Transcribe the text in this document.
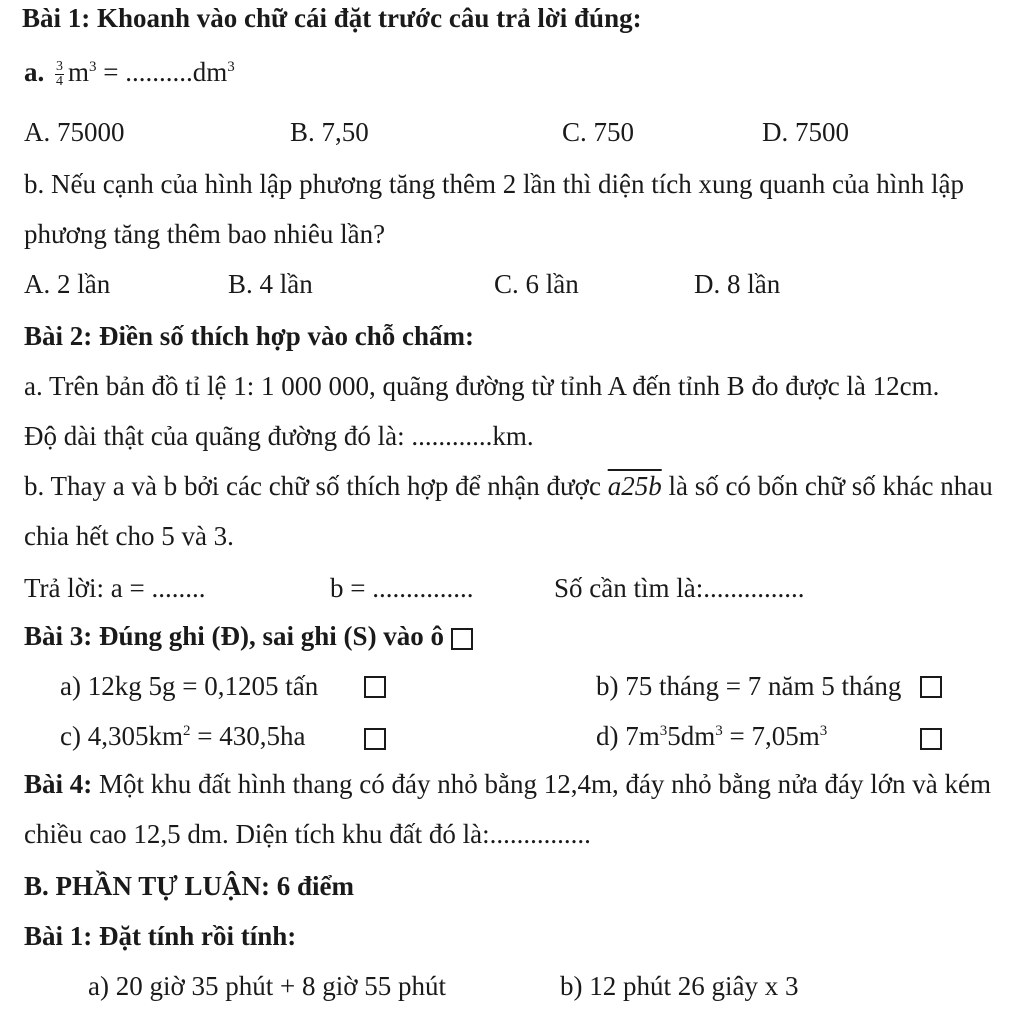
Bài 1: Khoanh vào chữ cái đặt trước câu trả lời đúng:
a. $\frac{3}{4} m^3 = ..........dm^3$
A. 75000	B. 7,50	C. 750	D. 7500
b. Nếu cạnh của hình lập phương tăng thêm 2 lần thì diện tích xung quanh của hình lập
phương tăng thêm bao nhiêu lần?
A. 2 lần	B. 4 lần	C. 6 lần	D. 8 lần
Bài 2: Điền số thích hợp vào chỗ chấm:
a. Trên bản đồ tỉ lệ 1: 1 000 000, quãng đường từ tỉnh A đến tỉnh B đo được là 12cm.
Độ dài thật của quãng đường đó là: ............km.
b. Thay a và b bởi các chữ số thích hợp để nhận được a25b là số có bốn chữ số khác nhau
chia hết cho 5 và 3.
Trả lời: a = ........	b = ...............	Số cần tìm là:...............
Bài 3: Đúng ghi (Đ), sai ghi (S) vào ô
a) 12kg 5g = 0,1205 tấn	b) 75 tháng = 7 năm 5 tháng
c) $4,305km^2 = 430,5ha$	d) $7m^35dm^3 = 7,05m^3$
Bài 4: Một khu đất hình thang có đáy nhỏ bằng 12,4m, đáy nhỏ bằng nửa đáy lớn và kém
chiều cao 12,5 dm. Diện tích khu đất đó là:...............
B. PHẦN TỰ LUẬN: 6 điểm
Bài 1: Đặt tính rồi tính:
a) 20 giờ 35 phút + 8 giờ 55 phút	b) 12 phút 26 giây x 3
